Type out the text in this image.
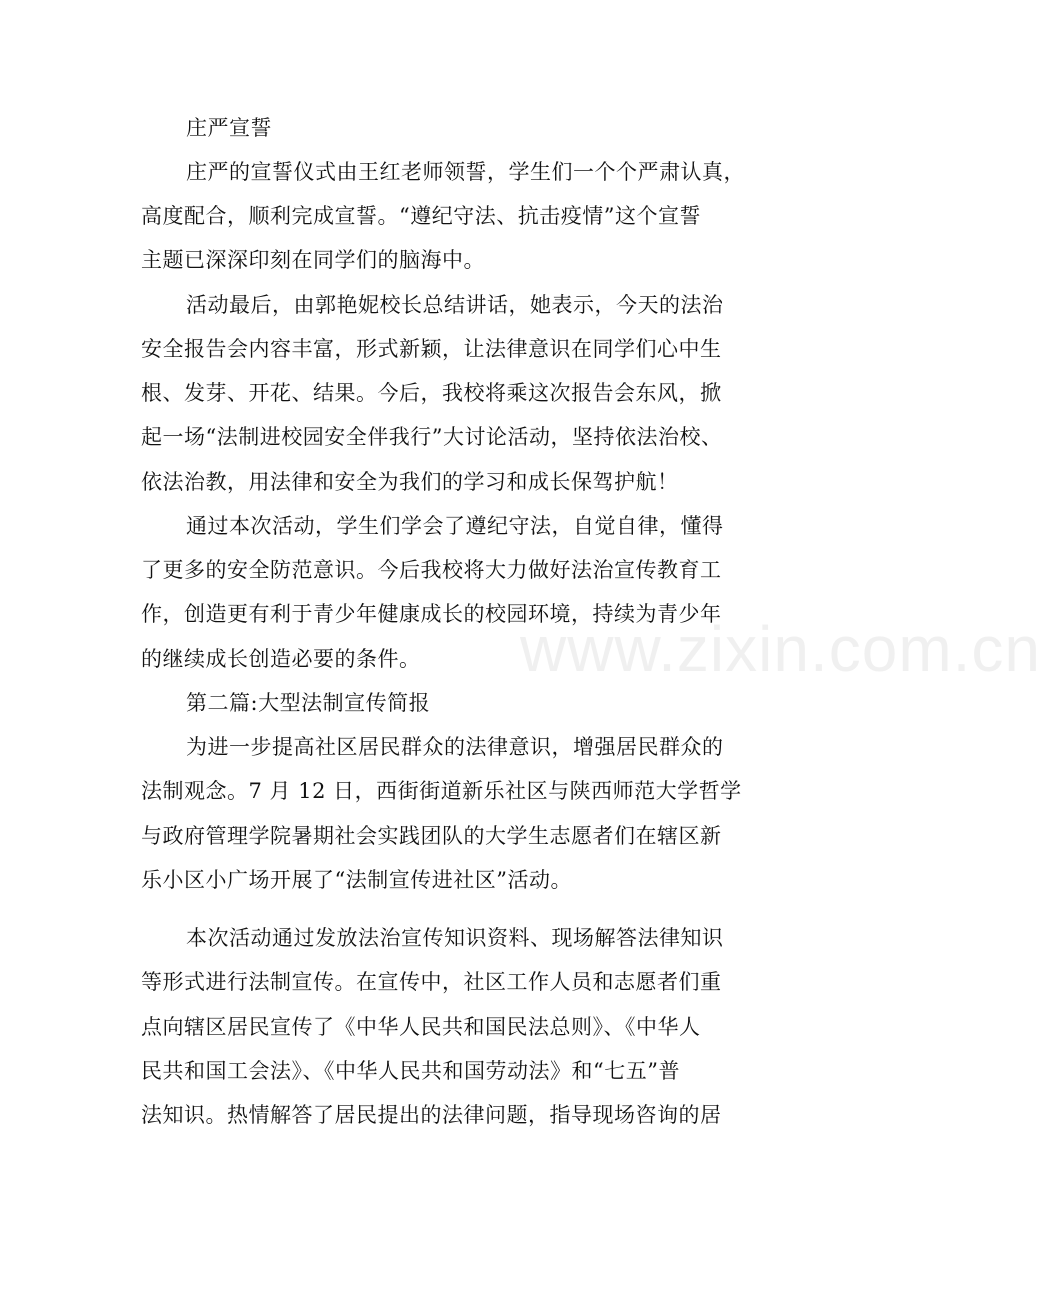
www.zixin.com.cn
庄严宣誓
庄严的宣誓仪式由王红老师领誓，学生们一个个严肃认真，
高度配合，顺利完成宣誓。“遵纪守法、抗击疫情”这个宣誓
主题已深深印刻在同学们的脑海中。
活动最后，由郭艳妮校长总结讲话，她表示，今天的法治
安全报告会内容丰富，形式新颖，让法律意识在同学们心中生
根、发芽、开花、结果。今后，我校将乘这次报告会东风，掀
起一场“法制进校园安全伴我行”大讨论活动，坚持依法治校、
依法治教，用法律和安全为我们的学习和成长保驾护航！
通过本次活动，学生们学会了遵纪守法，自觉自律，懂得
了更多的安全防范意识。今后我校将大力做好法治宣传教育工
作，创造更有利于青少年健康成长的校园环境，持续为青少年
的继续成长创造必要的条件。
第二篇:大型法制宣传简报
为进一步提高社区居民群众的法律意识，增强居民群众的
法制观念。7 月 12 日，西街街道新乐社区与陕西师范大学哲学
与政府管理学院暑期社会实践团队的大学生志愿者们在辖区新
乐小区小广场开展了“法制宣传进社区”活动。
本次活动通过发放法治宣传知识资料、现场解答法律知识
等形式进行法制宣传。在宣传中，社区工作人员和志愿者们重
点向辖区居民宣传了《中华人民共和国民法总则》、《中华人
民共和国工会法》、《中华人民共和国劳动法》和“七五”普
法知识。热情解答了居民提出的法律问题，指导现场咨询的居
